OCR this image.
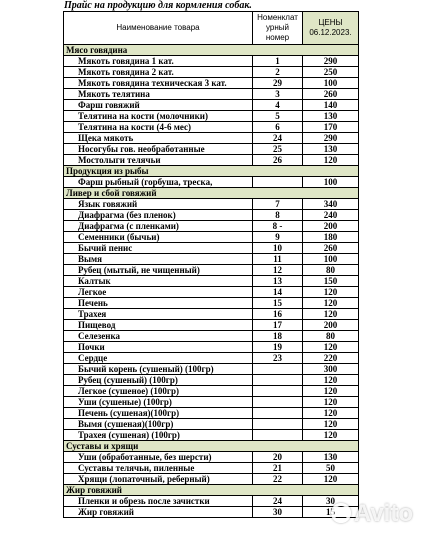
Прайс на продукцию для кормления собак.
Наименование товара	Номенклат урный номер	ЦЕНЫ 06.12.2023.
Мясо говядина		
Мякоть говядина 1 кат.	1	290
Мякоть говядина 2 кат.	2	250
Мякоть говядина техническая 3 кат.	29	100
Мякоть телятина	3	260
Фарш говяжий	4	140
Телятина на кости (молочники)	5	130
Телятина на кости (4-6 мес)	6	170
Щека мякоть	24	290
Носогубы гов. необработанные	25	130
Мостолыги телячьи	26	120
Продукция из рыбы		
Фарш рыбный (горбуша, треска,		100
Ливер и сбой говяжий		
Язык говяжий	7	340
Диафрагма (без пленок)	8	240
Диафрагма (с пленками)	8 -	200
Семенники (бычьи)	9	180
Бычий пенис	10	260
Вымя	11	100
Рубец (мытый, не чищенный)	12	80
Калтык	13	150
Легкое	14	120
Печень	15	120
Трахея	16	120
Пищевод	17	200
Селезенка	18	80
Почки	19	120
Сердце	23	220
Бычий корень (сушеный) (100гр)		300
Рубец (сушеный) (100гр)		120
Легкое (сушеное) (100гр)		120
Уши (сушеные) (100гр)		120
Печень (сушеная)(100гр)		120
Вымя (сушеная)(100гр)		120
Трахея (сушеная) (100гр)		120
Суставы и хрящи		
Уши (обработанные, без шерсти)	20	130
Суставы телячьи, пиленные	21	50
Хрящи (лопаточный, реберный)	22	120
Жир говяжий		
Пленки и обрезь после зачистки	24	30
Жир говяжий	30	15 Avito
